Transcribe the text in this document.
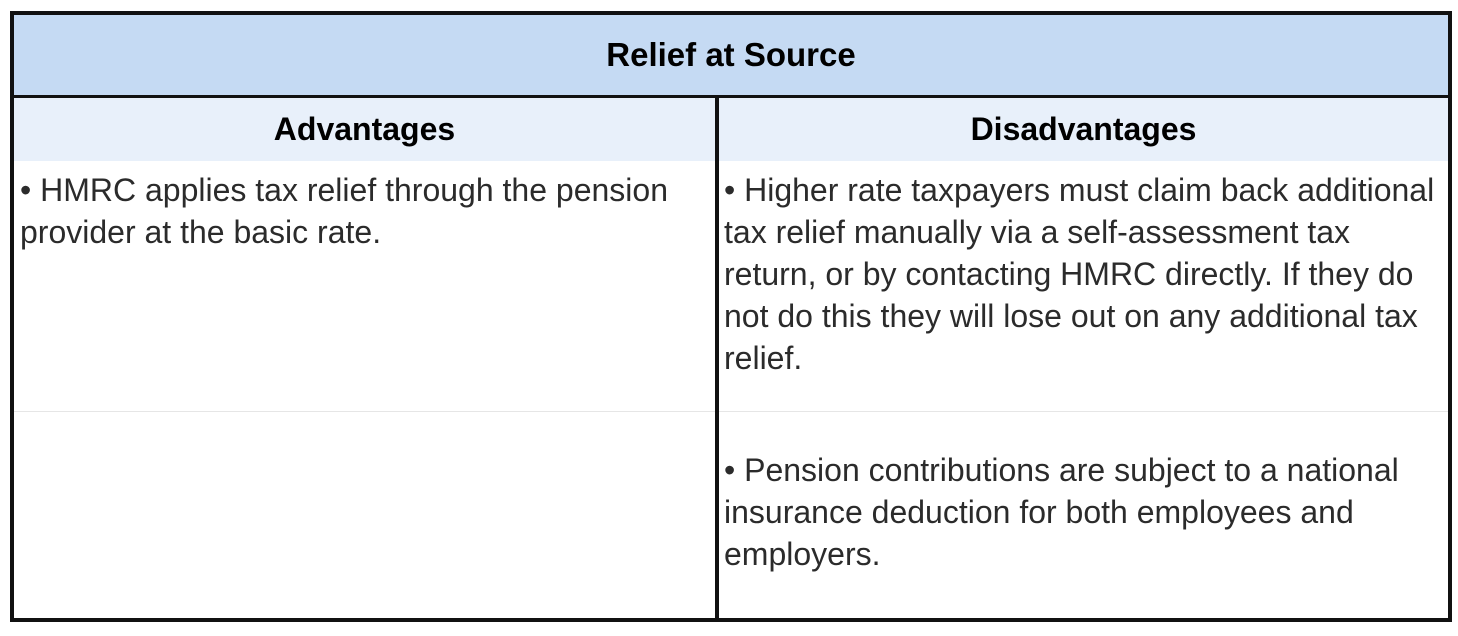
Relief at Source
Advantages	Disadvantages

• HMRC applies tax relief through the pension provider at the basic rate.

• Higher rate taxpayers must claim back additional tax relief manually via a self-assessment tax return, or by contacting HMRC directly. If they do not do this they will lose out on any additional tax relief.

• Pension contributions are subject to a national insurance deduction for both employees and employers.
